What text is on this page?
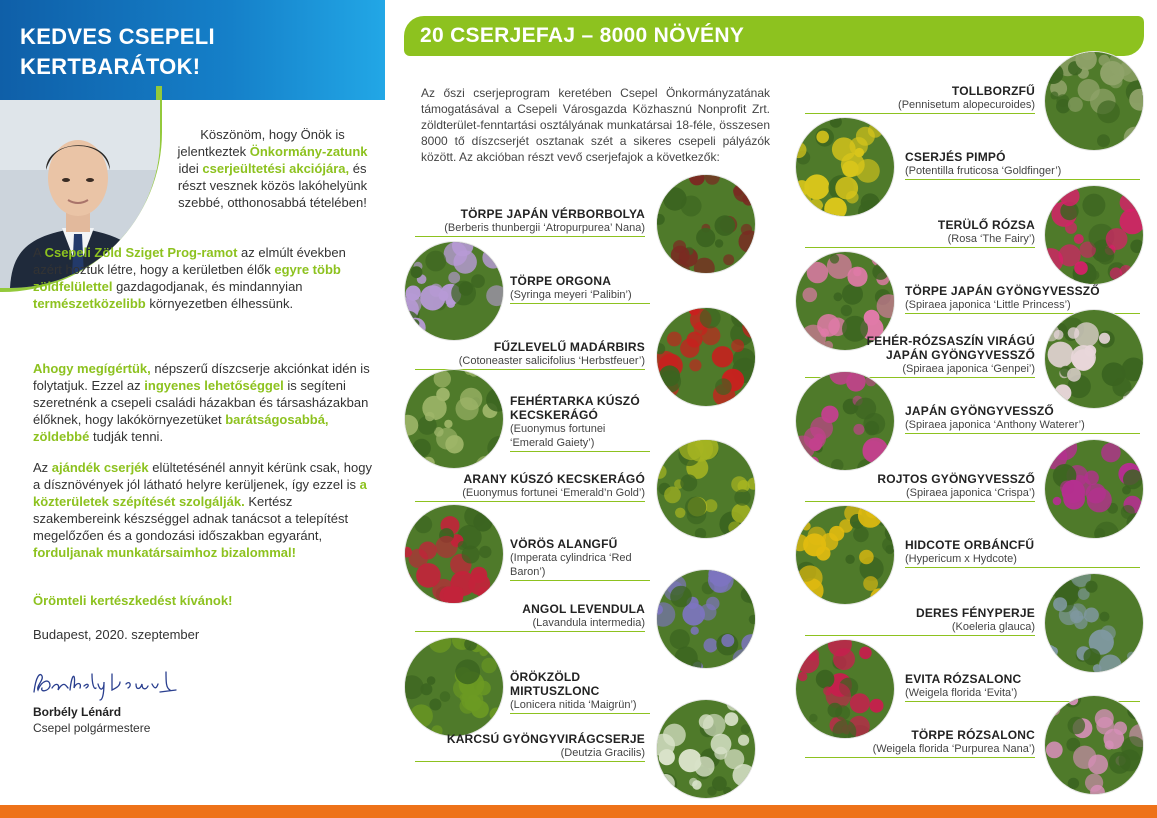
KEDVES CSEPELI
KERTBARÁTOK!
Köszönöm, hogy Önök is jelentkeztek Önkormány-zatunk idei cserjeültetési akciójára, és részt vesznek közös lakóhelyünk szebbé, otthonosabbá tételében!
A Csepeli Zöld Sziget Prog-ramot az elmúlt években azért hoztuk létre, hogy a kerületben élők egyre több zöldfelülettel gazdagodjanak, és mindannyian természetközelibb környezetben élhessünk.
Ahogy megígértük, népszerű díszcserje akciónkat idén is folytatjuk. Ezzel az ingyenes lehetőséggel is segíteni szeretnénk a csepeli családi házakban és társasházakban élőknek, hogy lakókörnyezetüket barátságosabbá, zöldebbé tudják tenni.
Az ajándék cserjék elültetésénél annyit kérünk csak, hogy a dísznövények jól látható helyre kerüljenek, így ezzel is a közterületek szépítését szolgálják. Kertész szakembereink készséggel adnak tanácsot a telepítést megelőzően és a gondozási időszakban egyaránt, forduljanak munkatársaimhoz bizalommal!
Örömteli kertészkedést kívánok!
Budapest, 2020. szeptember
Borbély Lénárd
Csepel polgármestere
20 CSERJEFAJ – 8000 NÖVÉNY
Az őszi cserjeprogram keretében Csepel Önkormányzatának támogatásával a Csepeli Városgazda Közhasznú Nonprofit Zrt. zöldterület-fenntartási osztályának munkatársai 18-féle, összesen 8000 tő díszcserjét osztanak szét a sikeres csepeli pályázók között. Az akcióban részt vevő cserjefajok a következők:
TÖRPE JAPÁN VÉRBORBOLYA
(Berberis thunbergii ‘Atropurpurea’ Nana)
TÖRPE ORGONA
(Syringa meyeri ‘Palibin’)
FŰZLEVELŰ MADÁRBIRS
(Cotoneaster salicifolius ‘Herbstfeuer’)
FEHÉRTARKA KÚSZÓ
KECSKERÁGÓ
(Euonymus fortunei ‘Emerald Gaiety’)
ARANY KÚSZÓ KECSKERÁGÓ
(Euonymus fortunei ‘Emerald’n Gold’)
VÖRÖS ALANGFŰ
(Imperata cylindrica ‘Red Baron’)
ANGOL LEVENDULA
(Lavandula intermedia)
ÖRÖKZÖLD MIRTUSZLONC
(Lonicera nitida ‘Maigrün’)
KARCSÚ GYÖNGYVIRÁGCSERJE
(Deutzia Gracilis)
TOLLBORZFŰ
(Pennisetum alopecuroides)
CSERJÉS PIMPÓ
(Potentilla fruticosa ‘Goldfinger’)
TERÜLŐ RÓZSA
(Rosa ‘The Fairy’)
TÖRPE JAPÁN GYÖNGYVESSZŐ
(Spiraea japonica ‘Little Princess’)
FEHÉR-RÓZSASZÍN VIRÁGÚ
JAPÁN GYÖNGYVESSZŐ
(Spiraea japonica ‘Genpei’)
JAPÁN GYÖNGYVESSZŐ
(Spiraea japonica ‘Anthony Waterer’)
ROJTOS GYÖNGYVESSZŐ
(Spiraea japonica ‘Crispa’)
HIDCOTE ORBÁNCFŰ
(Hypericum x Hydcote)
DERES FÉNYPERJE
(Koeleria glauca)
EVITA RÓZSALONC
(Weigela florida ‘Evita’)
TÖRPE RÓZSALONC
(Weigela florida ‘Purpurea Nana’)
